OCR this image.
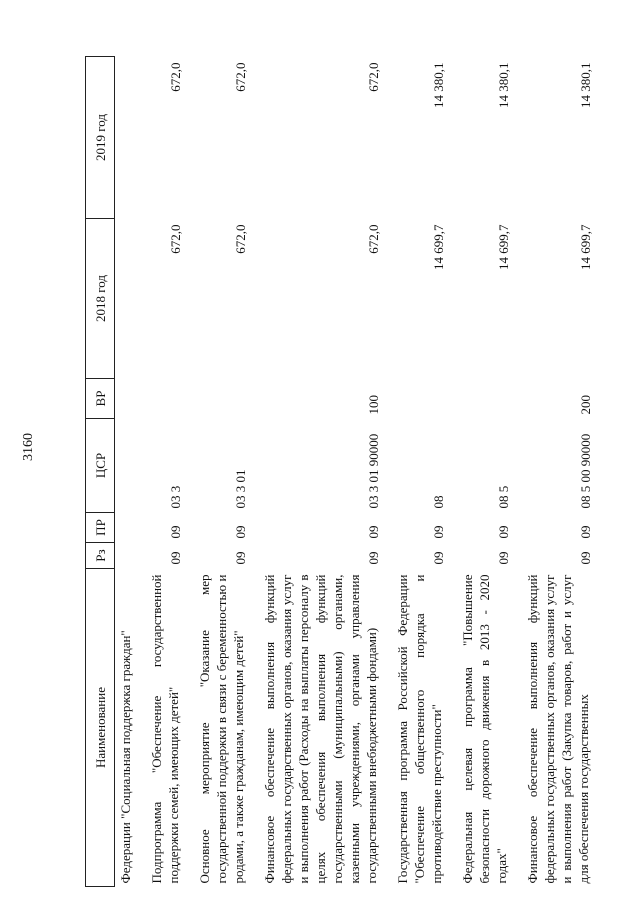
3160
Наименование	Рз	ПР	ЦСР	ВР	2018 год	2019 год
Федерации "Социальная поддержка граждан"						

Подпрограмма "Обеспечение государственной поддержки семей, имеющих детей"	09	09	03 3		672,0	672,0

Основное мероприятие "Оказание мер государственной поддержки в связи с беременностью и родами, а также гражданам, имеющим детей"	09	09	03 3 01		672,0	672,0

Финансовое обеспечение выполнения функций федеральных государственных органов, оказания услуг и выполнения работ (Расходы на выплаты персоналу в целях обеспечения выполнения функций государственными (муниципальными) органами, казенными учреждениями, органами управления государственными внебюджетными фондами)	09	09	03 3 01 90000	100	672,0	672,0

Государственная программа Российской Федерации "Обеспечение общественного порядка и противодействие преступности"	09	09	08		14 699,7	14 380,1

Федеральная целевая программа "Повышение безопасности дорожного движения в 2013 - 2020 годах"	09	09	08 5		14 699,7	14 380,1

Финансовое обеспечение выполнения функций федеральных государственных органов, оказания услуг и выполнения работ (Закупка товаров, работ и услуг для обеспечения государственных	09	09	08 5 00 90000	200	14 699,7	14 380,1
